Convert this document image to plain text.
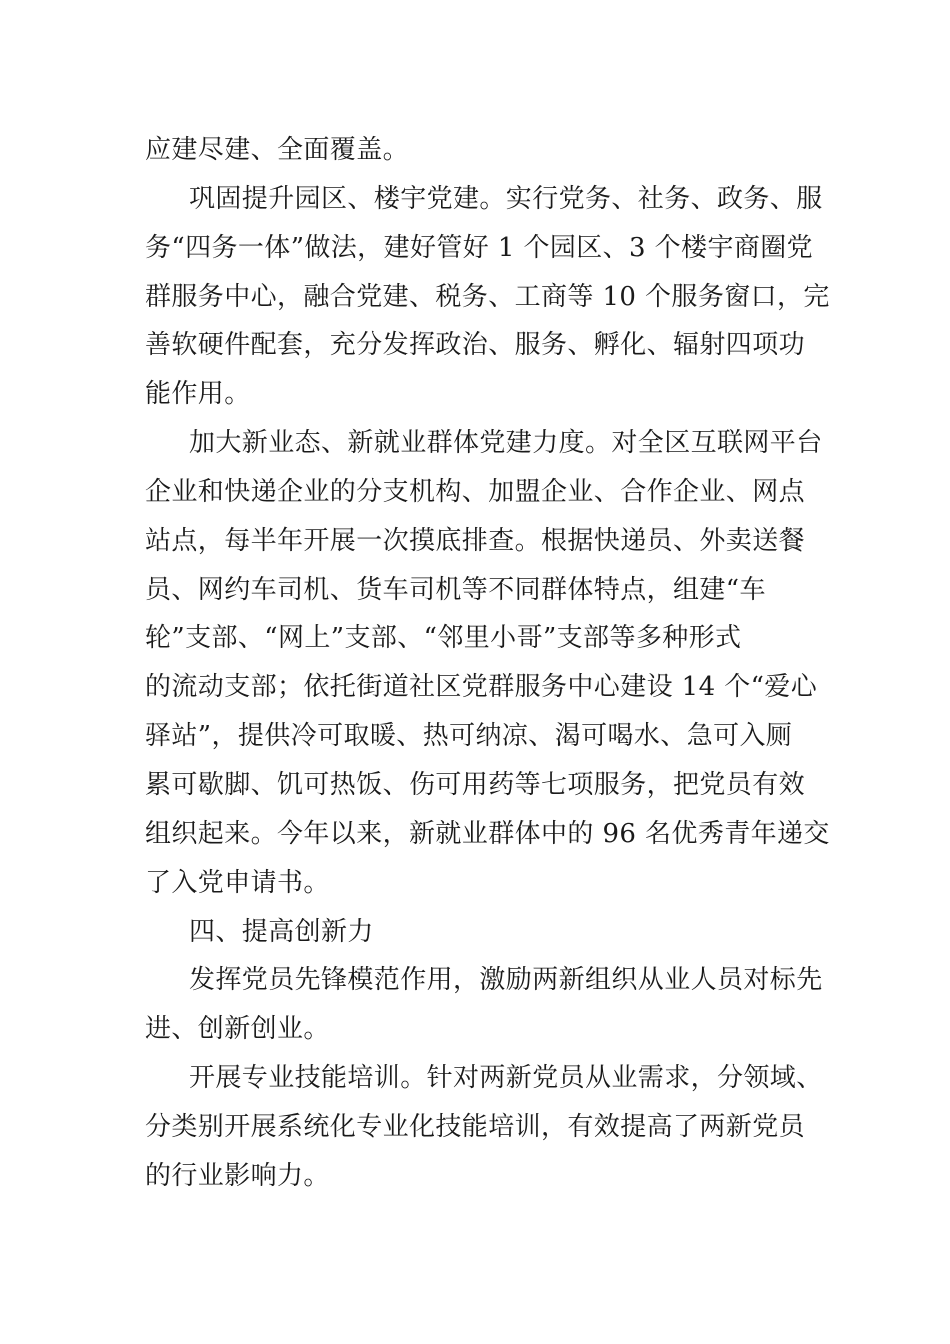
应建尽建、全面覆盖。
巩固提升园区、楼宇党建。实行党务、社务、政务、服
务“四务一体”做法，建好管好 1 个园区、3 个楼宇商圈党
群服务中心，融合党建、税务、工商等 10 个服务窗口，完
善软硬件配套，充分发挥政治、服务、孵化、辐射四项功
能作用。
加大新业态、新就业群体党建力度。对全区互联网平台
企业和快递企业的分支机构、加盟企业、合作企业、网点
站点，每半年开展一次摸底排查。根据快递员、外卖送餐
员、网约车司机、货车司机等不同群体特点，组建“车
轮”支部、“网上”支部、“邻里小哥”支部等多种形式
的流动支部；依托街道社区党群服务中心建设 14 个“爱心
驿站”，提供冷可取暖、热可纳凉、渴可喝水、急可入厕
累可歇脚、饥可热饭、伤可用药等七项服务，把党员有效
组织起来。今年以来，新就业群体中的 96 名优秀青年递交
了入党申请书。
四、提高创新力
发挥党员先锋模范作用，激励两新组织从业人员对标先
进、创新创业。
开展专业技能培训。针对两新党员从业需求，分领域、
分类别开展系统化专业化技能培训，有效提高了两新党员
的行业影响力。
